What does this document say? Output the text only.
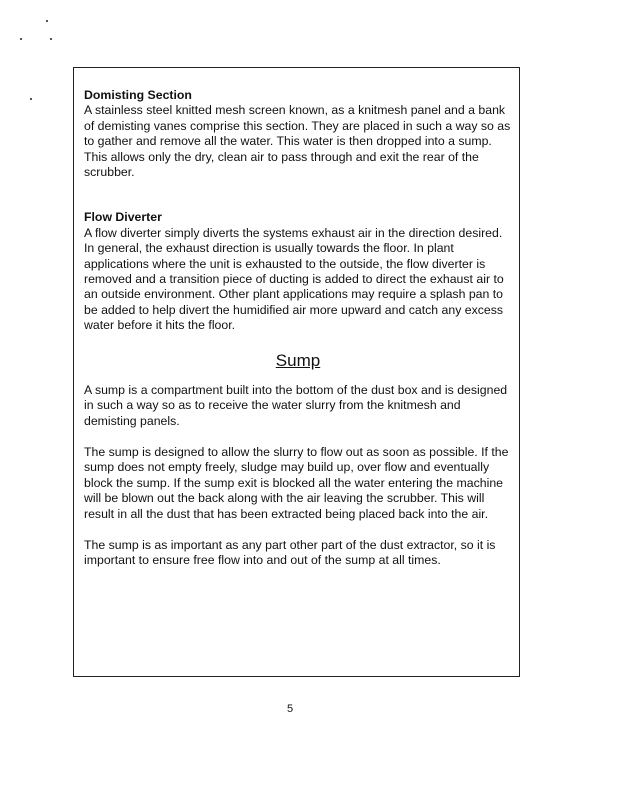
Domisting Section

A stainless steel knitted mesh screen known, as a knitmesh panel and a bank of demisting vanes comprise this section. They are placed in such a way so as to gather and remove all the water. This water is then dropped into a sump. This allows only the dry, clean air to pass through and exit the rear of the scrubber.

Flow Diverter

A flow diverter simply diverts the systems exhaust air in the direction desired. In general, the exhaust direction is usually towards the floor. In plant applications where the unit is exhausted to the outside, the flow diverter is removed and a transition piece of ducting is added to direct the exhaust air to an outside environment. Other plant applications may require a splash pan to be added to help divert the humidified air more upward and catch any excess water before it hits the floor.

Sump

A sump is a compartment built into the bottom of the dust box and is designed in such a way so as to receive the water slurry from the knitmesh and demisting panels.

The sump is designed to allow the slurry to flow out as soon as possible. If the sump does not empty freely, sludge may build up, over flow and eventually block the sump. If the sump exit is blocked all the water entering the machine will be blown out the back along with the air leaving the scrubber. This will result in all the dust that has been extracted being placed back into the air.

The sump is as important as any part other part of the dust extractor, so it is important to ensure free flow into and out of the sump at all times.

5
